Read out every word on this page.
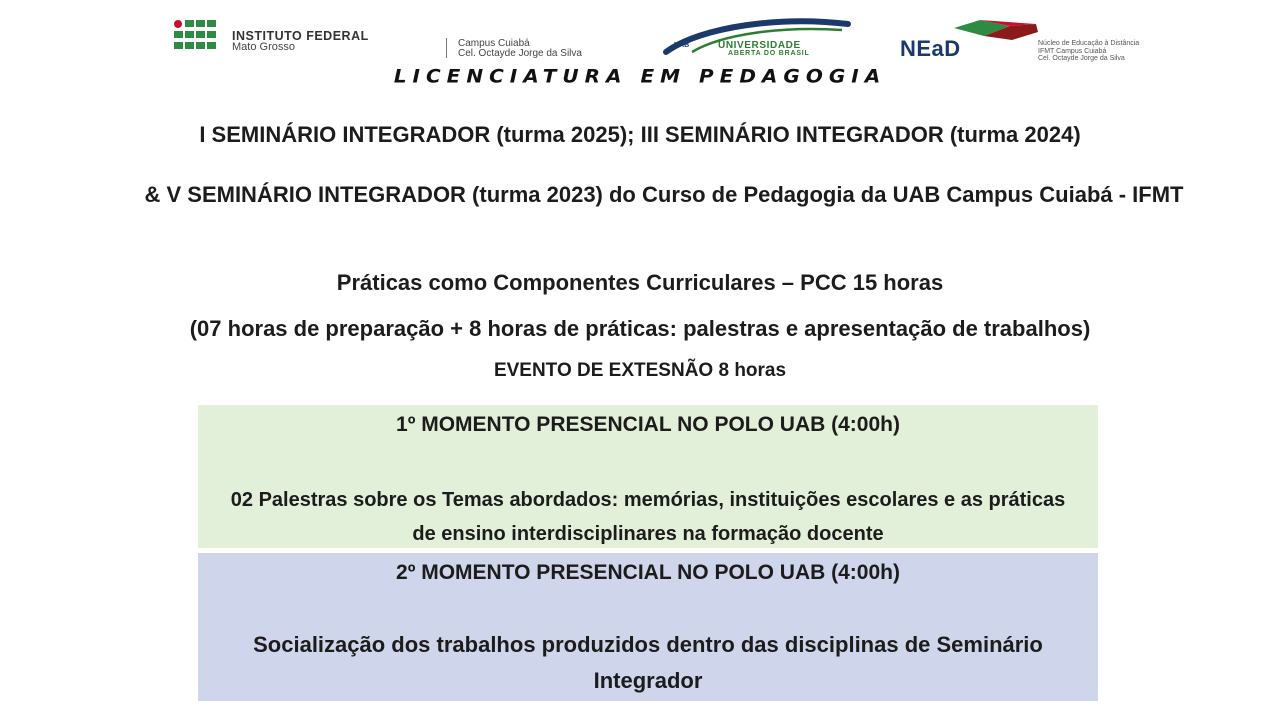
INSTITUTO FEDERAL
Mato Grosso	Campus Cuiabá
Cel. Octayde Jorge da Silva
UAB	UNIVERSIDADE
ABERTA DO BRASIL	NEaD	Núcleo de Educação à Distância
IFMT Campus Cuiabá
Cel. Octayde Jorge da Silva
LICENCIATURA EM PEDAGOGIA
I SEMINÁRIO INTEGRADOR (turma 2025); III SEMINÁRIO INTEGRADOR (turma 2024)
& V SEMINÁRIO INTEGRADOR (turma 2023) do Curso de Pedagogia da UAB Campus Cuiabá - IFMT
Práticas como Componentes Curriculares – PCC 15 horas
(07 horas de preparação + 8 horas de práticas: palestras e apresentação de trabalhos)
EVENTO DE EXTESNÃO 8 horas
1º MOMENTO PRESENCIAL NO POLO UAB (4:00h)
02 Palestras sobre os Temas abordados: memórias, instituições escolares e as práticas de ensino interdisciplinares na formação docente
2º MOMENTO PRESENCIAL NO POLO UAB (4:00h)
Socialização dos trabalhos produzidos dentro das disciplinas de Seminário Integrador
